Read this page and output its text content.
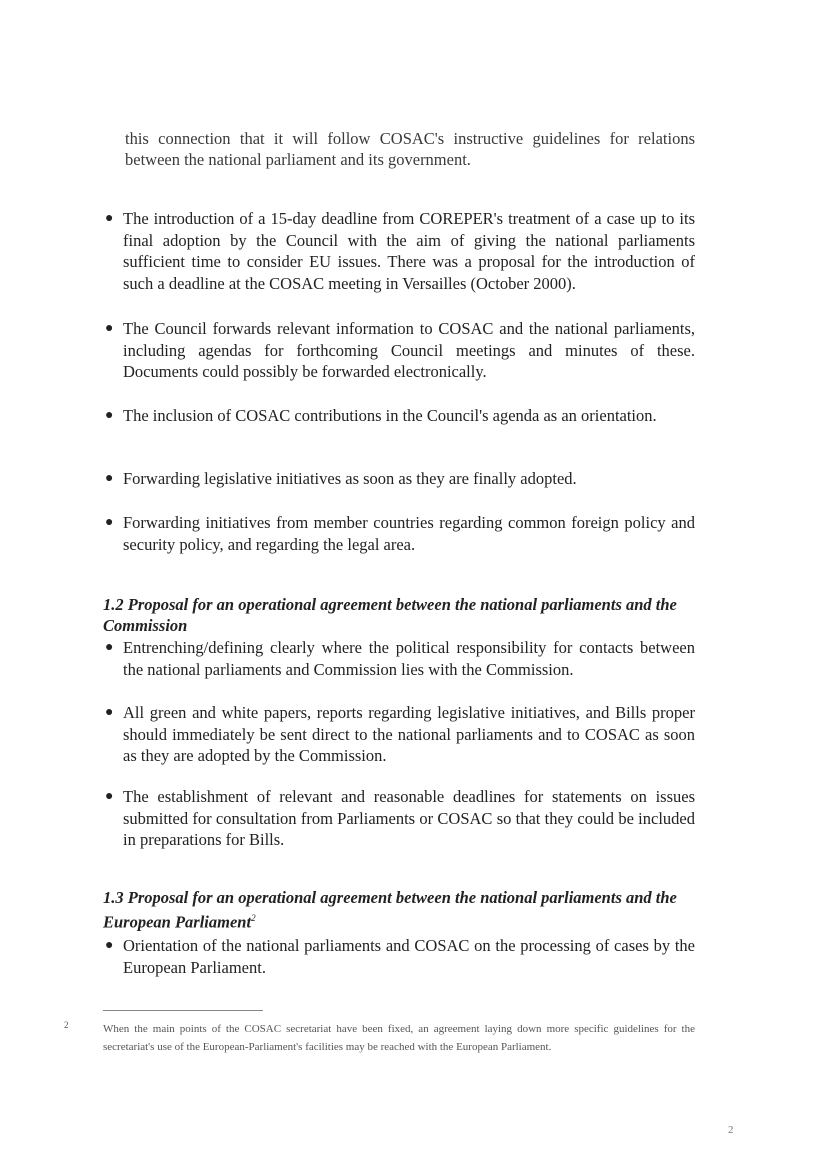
this connection that it will follow COSAC's instructive guidelines for relations between the national parliament and its government.
● The introduction of a 15-day deadline from COREPER's treatment of a case up to its final adoption by the Council with the aim of giving the national parliaments sufficient time to consider EU issues. There was a proposal for the introduction of such a deadline at the COSAC meeting in Versailles (October 2000).
● The Council forwards relevant information to COSAC and the national parliaments, including agendas for forthcoming Council meetings and minutes of these. Documents could possibly be forwarded electronically.
● The inclusion of COSAC contributions in the Council's agenda as an orientation.
● Forwarding legislative initiatives as soon as they are finally adopted.
● Forwarding initiatives from member countries regarding common foreign policy and security policy, and regarding the legal area.
1.2 Proposal for an operational agreement between the national parliaments and the Commission
● Entrenching/defining clearly where the political responsibility for contacts between the national parliaments and Commission lies with the Commission.
● All green and white papers, reports regarding legislative initiatives, and Bills proper should immediately be sent direct to the national parliaments and to COSAC as soon as they are adopted by the Commission.
● The establishment of relevant and reasonable deadlines for statements on issues submitted for consultation from Parliaments or COSAC so that they could be included in preparations for Bills.
1.3 Proposal for an operational agreement between the national parliaments and the European Parliament$^2$
● Orientation of the national parliaments and COSAC on the processing of cases by the European Parliament.
2	When the main points of the COSAC secretariat have been fixed, an agreement laying down more specific guidelines for the secretariat's use of the European-Parliament's facilities may be reached with the European Parliament.
2
